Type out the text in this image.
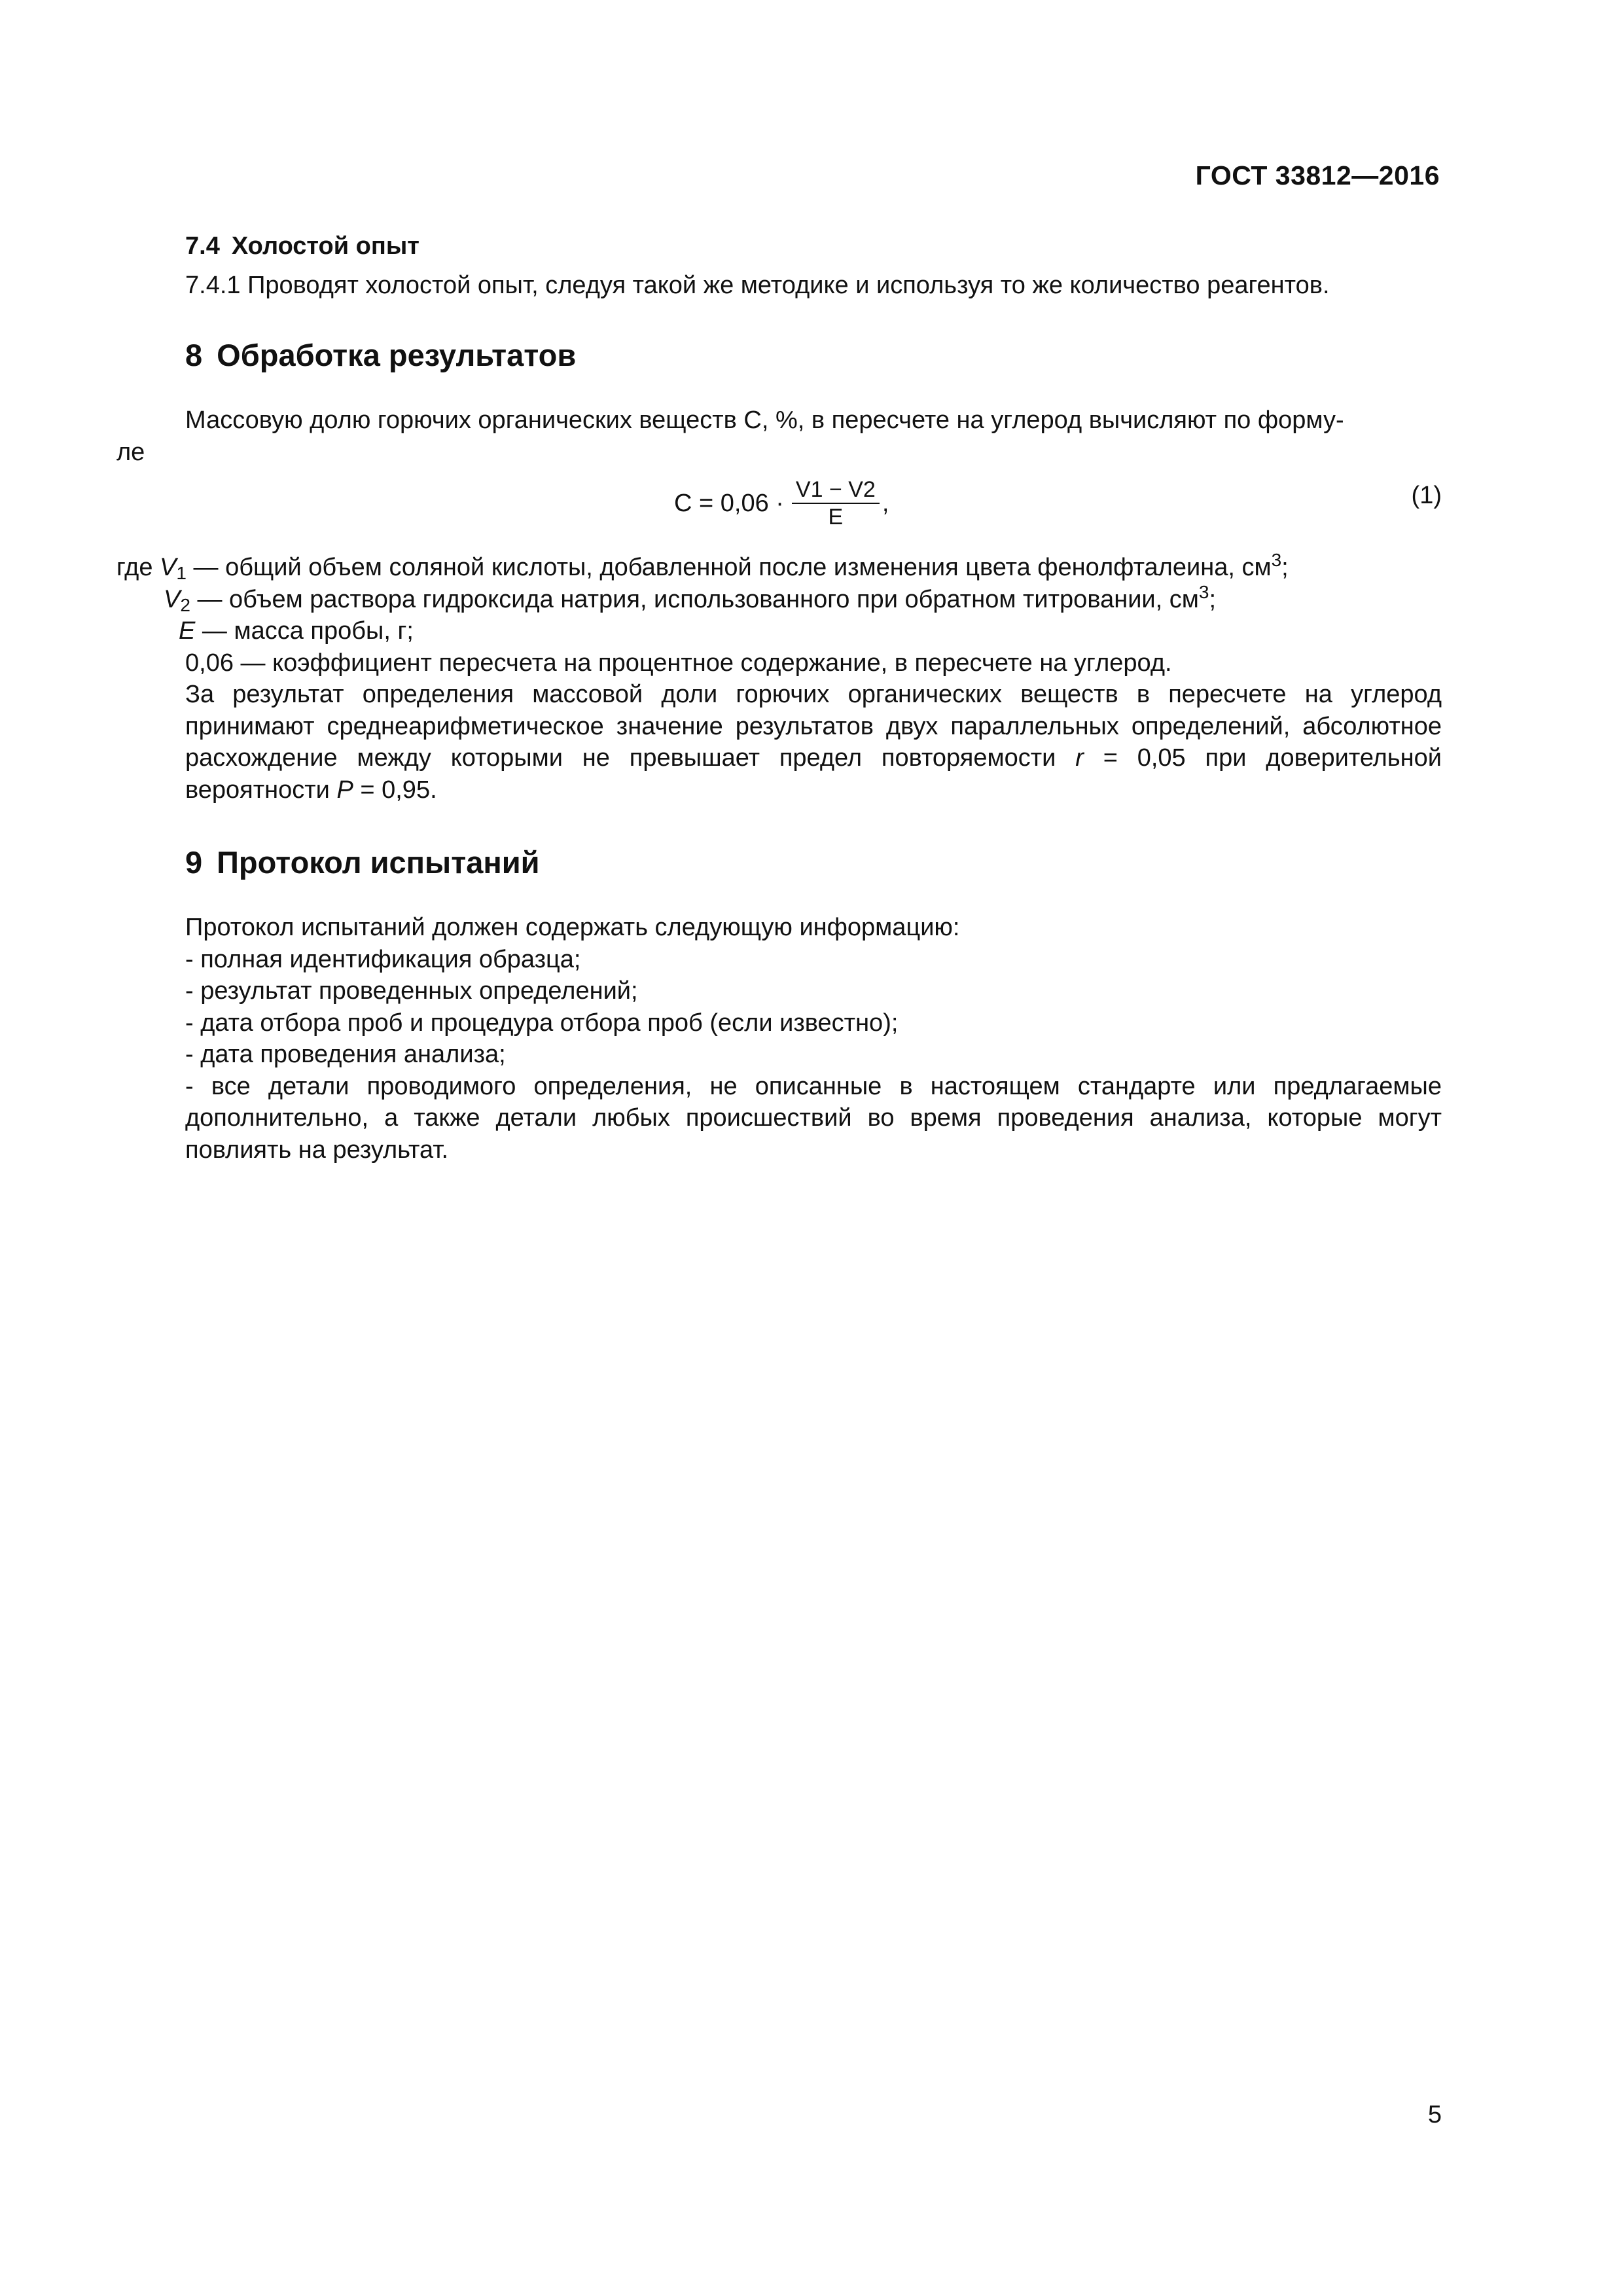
ГОСТ 33812—2016
7.4 Холостой опыт
7.4.1 Проводят холостой опыт, следуя такой же методике и используя то же количество реагентов.
8 Обработка результатов
Массовую долю горючих органических веществ C, %, в пересчете на углерод вычисляют по форму-
ле
$C = 0,06 \cdot \frac{V1 - V2}{E}$ ,	(1)
где $V_1$ — общий объем соляной кислоты, добавленной после изменения цвета фенолфталеина, $см^3$;
$V_2$ — объем раствора гидроксида натрия, использованного при обратном титровании, $см^3$;
E — масса пробы, г;
0,06 — коэффициент пересчета на процентное содержание, в пересчете на углерод.
За результат определения массовой доли горючих органических веществ в пересчете на углерод принимают среднеарифметическое значение результатов двух параллельных определений, абсолютное расхождение между которыми не превышает предел повторяемости r = 0,05 при доверительной вероятности P = 0,95.
9 Протокол испытаний
Протокол испытаний должен содержать следующую информацию:
- полная идентификация образца;
- результат проведенных определений;
- дата отбора проб и процедура отбора проб (если известно);
- дата проведения анализа;
- все детали проводимого определения, не описанные в настоящем стандарте или предлагаемые дополнительно, а также детали любых происшествий во время проведения анализа, которые могут повлиять на результат.
5
